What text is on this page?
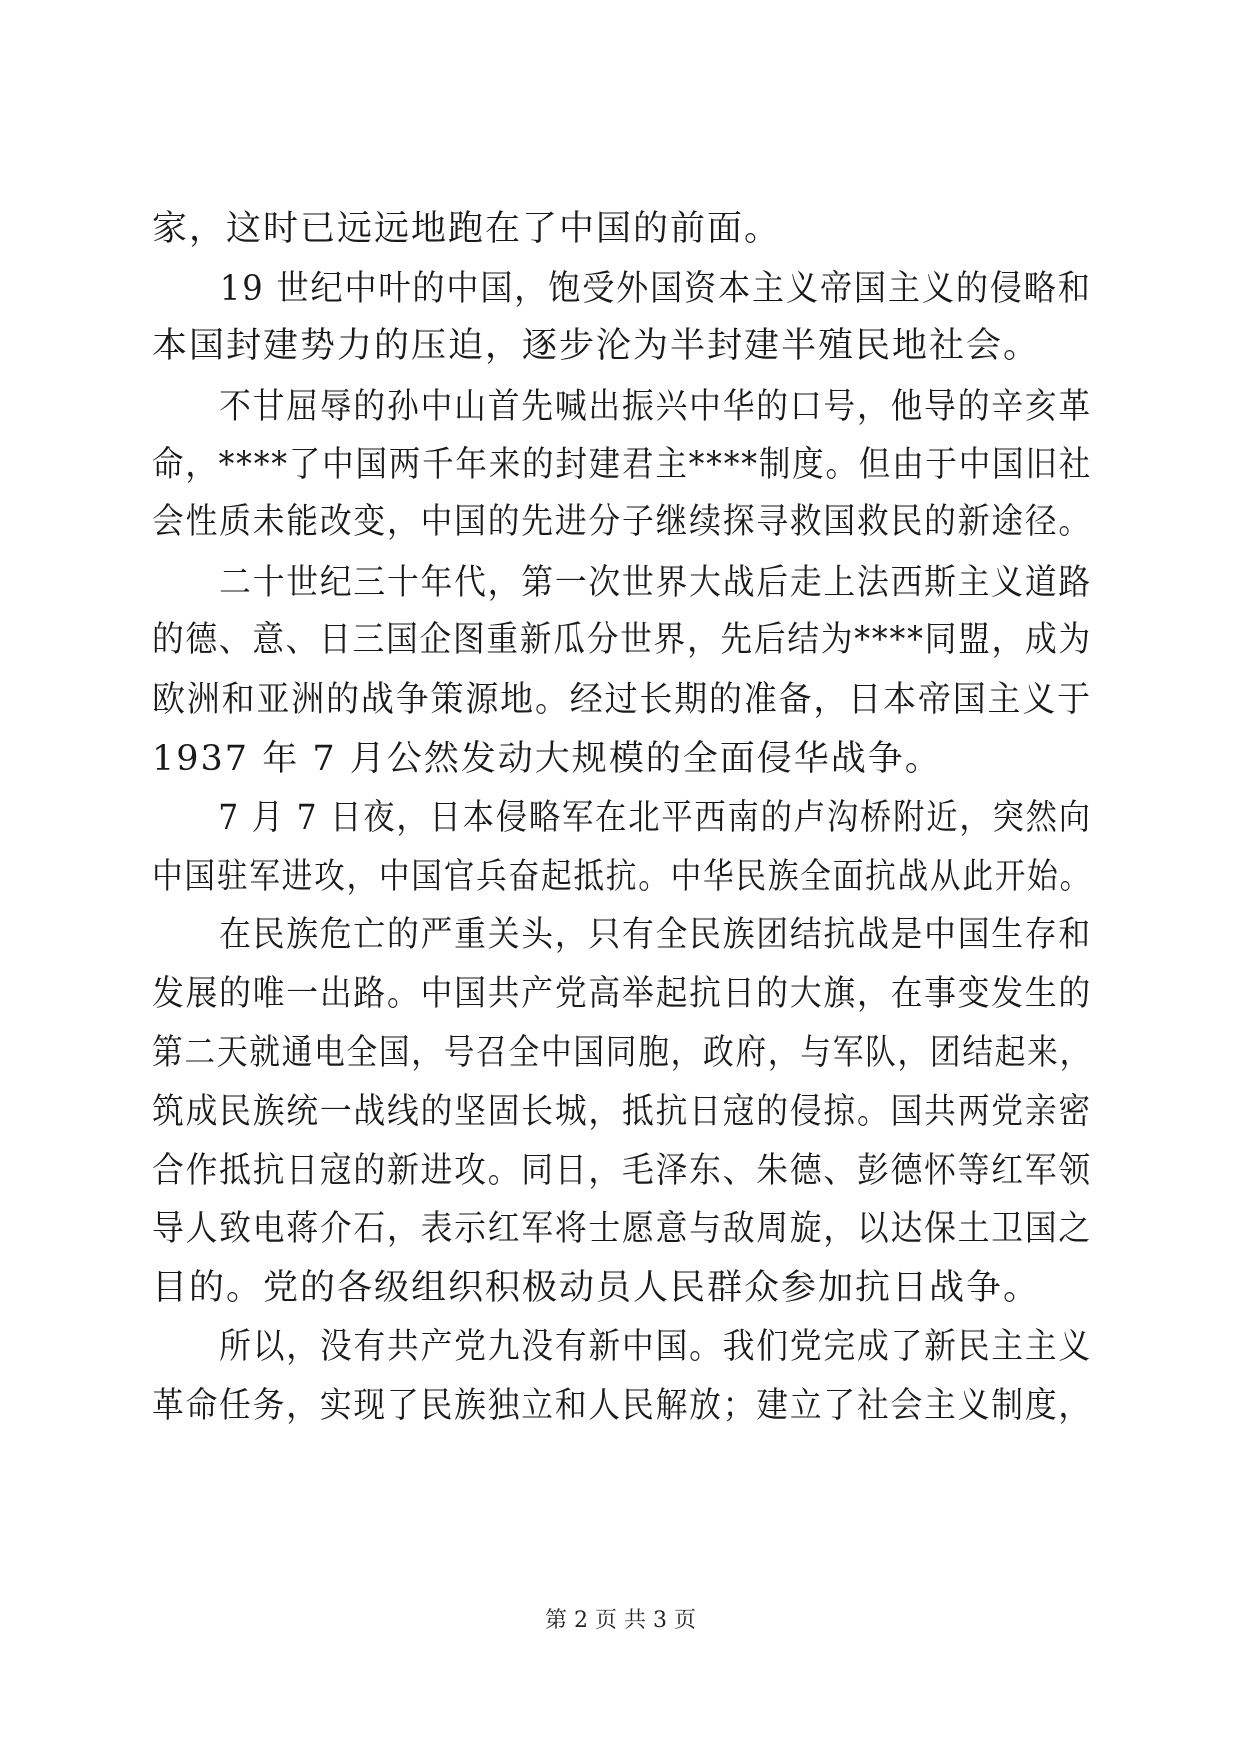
家，这时已远远地跑在了中国的前面。
　　19 世纪中叶的中国，饱受外国资本主义帝国主义的侵略和
本国封建势力的压迫，逐步沦为半封建半殖民地社会。
　　不甘屈辱的孙中山首先喊出振兴中华的口号，他导的辛亥革
命，****了中国两千年来的封建君主****制度。但由于中国旧社
会性质未能改变，中国的先进分子继续探寻救国救民的新途径。
　　二十世纪三十年代，第一次世界大战后走上法西斯主义道路
的德、意、日三国企图重新瓜分世界，先后结为****同盟，成为
欧洲和亚洲的战争策源地。经过长期的准备，日本帝国主义于
1937 年 7 月公然发动大规模的全面侵华战争。
　　7 月 7 日夜，日本侵略军在北平西南的卢沟桥附近，突然向
中国驻军进攻，中国官兵奋起抵抗。中华民族全面抗战从此开始。
　　在民族危亡的严重关头，只有全民族团结抗战是中国生存和
发展的唯一出路。中国共产党高举起抗日的大旗，在事变发生的
第二天就通电全国，号召全中国同胞，政府，与军队，团结起来，
筑成民族统一战线的坚固长城，抵抗日寇的侵掠。国共两党亲密
合作抵抗日寇的新进攻。同日，毛泽东、朱德、彭德怀等红军领
导人致电蒋介石，表示红军将士愿意与敌周旋，以达保土卫国之
目的。党的各级组织积极动员人民群众参加抗日战争。
　　所以，没有共产党九没有新中国。我们党完成了新民主主义
革命任务，实现了民族独立和人民解放；建立了社会主义制度，
第 2 页 共 3 页
